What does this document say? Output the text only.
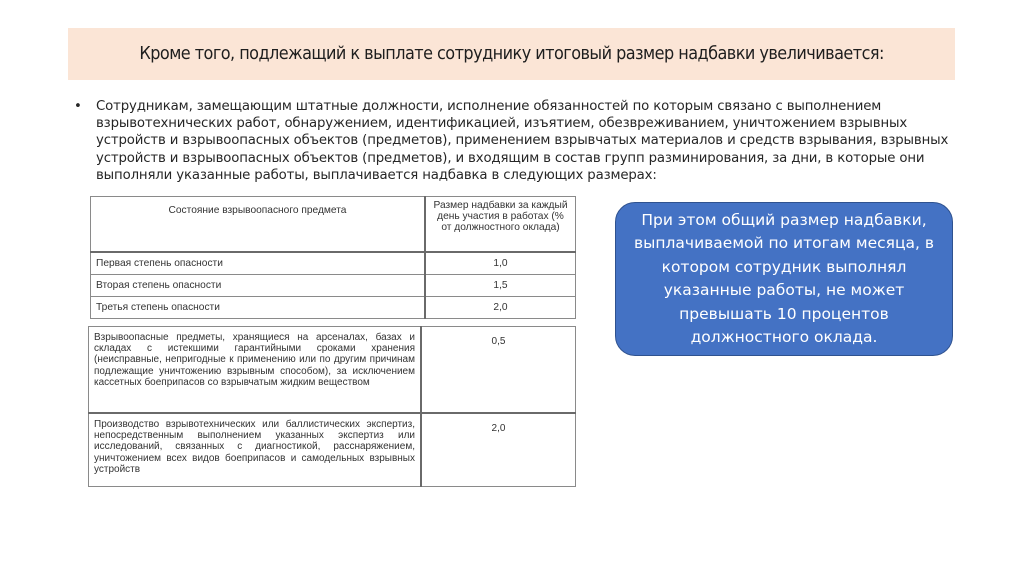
Кроме того, подлежащий к выплате сотруднику итоговый размер надбавки увеличивается:
• Сотрудникам, замещающим штатные должности, исполнение обязанностей по которым связано с выполнением взрывотехнических работ, обнаружением, идентификацией, изъятием, обезвреживанием, уничтожением взрывных устройств и взрывоопасных объектов (предметов), применением взрывчатых материалов и средств взрывания, взрывных устройств и взрывоопасных объектов (предметов), и входящим в состав групп разминирования, за дни, в которые они выполняли указанные работы, выплачивается надбавка в следующих размерах:
Состояние взрывоопасного предмета	Размер надбавки за каждый день участия в работах (% от должностного оклада)
Первая степень опасности	1,0
Вторая степень опасности	1,5
Третья степень опасности	2,0
Взрывоопасные предметы, хранящиеся на арсеналах, базах и складах с истекшими гарантийными сроками хранения (неисправные, непригодные к применению или по другим причинам подлежащие уничтожению взрывным способом), за исключением кассетных боеприпасов со взрывчатым жидким веществом	0,5
Производство взрывотехнических или баллистических экспертиз, непосредственным выполнением указанных экспертиз или исследований, связанных с диагностикой, расснаряжением, уничтожением всех видов боеприпасов и самодельных взрывных устройств	2,0
При этом общий размер надбавки, выплачиваемой по итогам месяца, в котором сотрудник выполнял указанные работы, не может превышать 10 процентов должностного оклада.
